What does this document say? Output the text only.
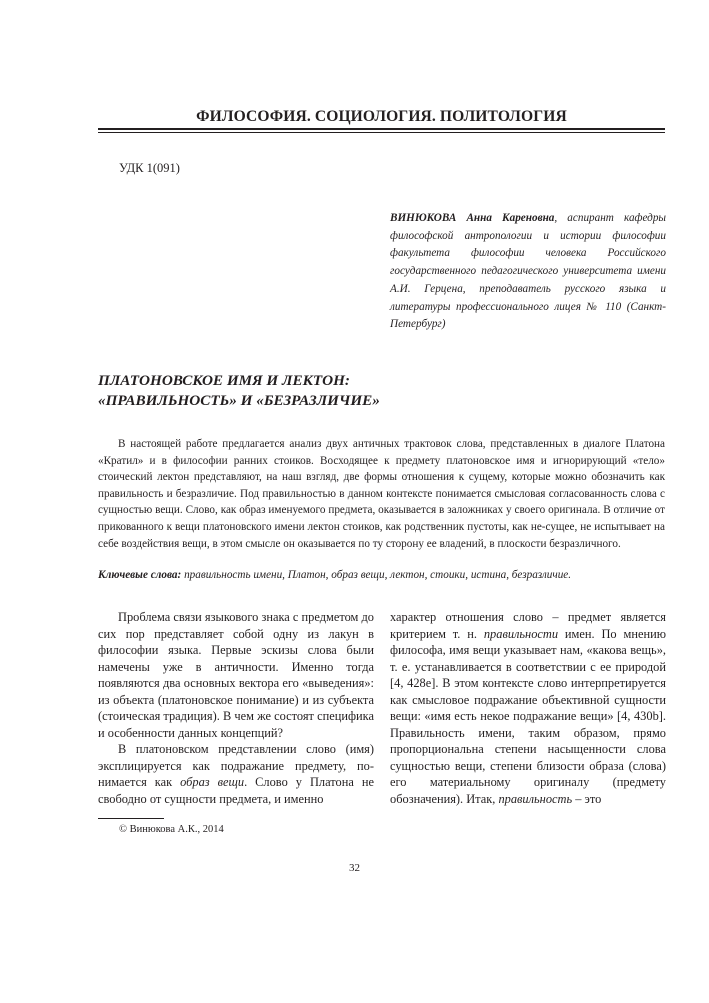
ФИЛОСОФИЯ. СОЦИОЛОГИЯ. ПОЛИТОЛОГИЯ
УДК 1(091)
ВИНЮКОВА Анна Кареновна, аспирант кафедры философской антропологии и истории философии факультета философии человека Российского государственного педагогического университета имени А.И. Герцена, преподаватель русского языка и литературы профессионального лицея № 110 (Санкт-Петербург)
ПЛАТОНОВСКОЕ ИМЯ И ЛЕКТОН:
«ПРАВИЛЬНОСТЬ» И «БЕЗРАЗЛИЧИЕ»
В настоящей работе предлагается анализ двух античных трактовок слова, представленных в диалоге Платона «Кратил» и в философии ранних стоиков. Восходящее к предмету платоновское имя и игнорирующий «тело» стоический лектон представляют, на наш взгляд, две формы отношения к сущему, которые можно обозначить как правильность и безразличие. Под правильностью в данном контексте понимается смысловая согласованность слова с сущностью вещи. Слово, как образ именуемого предмета, оказывается в заложниках у своего оригинала. В отличие от прикованного к вещи платоновского имени лектон стоиков, как родственник пустоты, как не-сущее, не испытывает на себе воздействия вещи, в этом смысле он оказывается по ту сторону ее владений, в плоскости безразличного.
Ключевые слова: правильность имени, Платон, образ вещи, лектон, стоики, истина, безразличие.

Проблема связи языкового знака с предметом до сих пор представляет собой одну из лакун в философии языка. Первые эскизы слова были намечены уже в античности. Именно тогда появляются два основных вектора его «выведения»: из объекта (платоновское понимание) и из субъекта (стоическая традиция). В чем же состоят специфика и особенности данных концепций?

В платоновском представлении слово (имя) эксплицируется как подражание предмету, понимается как образ вещи. Слово у Платона не свободно от сущности предмета, и именно

характер отношения слово – предмет является критерием т. н. правильности имен. По мнению философа, имя вещи указывает нам, «какова вещь», т. е. устанавливается в соответствии с ее природой [4, 428e]. В этом контексте слово интерпретируется как смысловое подражание объективной сущности вещи: «имя есть некое подражание вещи» [4, 430b]. Правильность имени, таким образом, прямо пропорциональна степени насыщенности слова сущностью вещи, степени близости образа (слова) его материальному оригиналу (предмету обозначения). Итак, правильность – это

© Винюкова А.К., 2014
32
